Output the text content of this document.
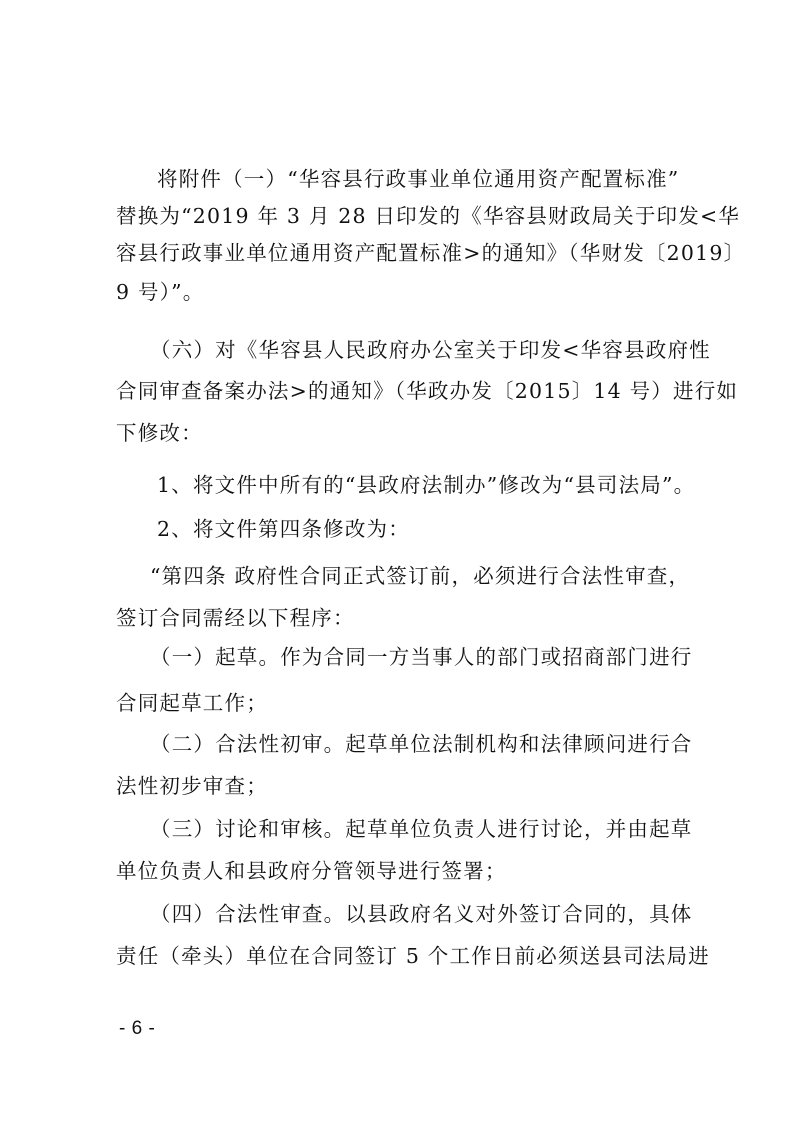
将附件（一）“华容县行政事业单位通用资产配置标准”
替换为“2019 年 3 月 28 日印发的《华容县财政局关于印发<华
容县行政事业单位通用资产配置标准>的通知》（华财发〔2019〕
9 号）”。
（六）对《华容县人民政府办公室关于印发<华容县政府性
合同审查备案办法>的通知》（华政办发〔2015〕14 号）进行如
下修改：
1、将文件中所有的“县政府法制办”修改为“县司法局”。
2、将文件第四条修改为：
“第四条 政府性合同正式签订前，必须进行合法性审查，
签订合同需经以下程序：
（一）起草。作为合同一方当事人的部门或招商部门进行
合同起草工作；
（二）合法性初审。起草单位法制机构和法律顾问进行合
法性初步审查；
（三）讨论和审核。起草单位负责人进行讨论，并由起草
单位负责人和县政府分管领导进行签署；
（四）合法性审查。以县政府名义对外签订合同的，具体
责任（牵头）单位在合同签订 5 个工作日前必须送县司法局进
- 6 -
